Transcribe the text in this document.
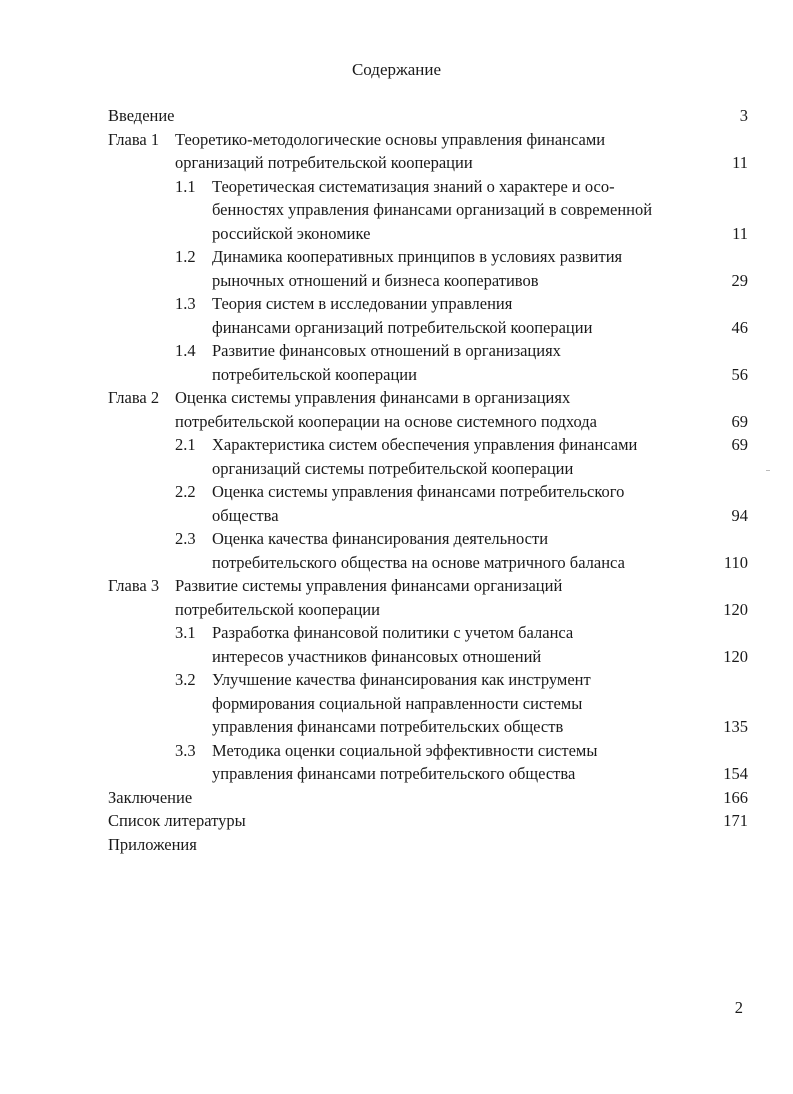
Содержание
Введение	3
Глава 1 Теоретико-методологические основы управления финансами
организаций потребительской кооперации	11
1.1 Теоретическая систематизация знаний о характере и осо-
бенностях управления финансами организаций в современной
российской экономике	11
1.2 Динамика кооперативных принципов в условиях развития
рыночных отношений и бизнеса кооперативов	29
1.3 Теория систем в исследовании управления
финансами организаций потребительской кооперации	46
1.4 Развитие финансовых отношений в организациях
потребительской кооперации	56
Глава 2 Оценка системы управления финансами в организациях
потребительской кооперации на основе системного подхода	69
2.1 Характеристика систем обеспечения управления финансами	69
организаций системы потребительской кооперации
2.2 Оценка системы управления финансами потребительского
общества	94
2.3 Оценка качества финансирования деятельности
потребительского общества на основе матричного баланса	110
Глава 3 Развитие системы управления финансами организаций
потребительской кооперации	120
3.1 Разработка финансовой политики с учетом баланса
интересов участников финансовых отношений	120
3.2 Улучшение качества финансирования как инструмент
формирования социальной направленности системы
управления финансами потребительских обществ	135
3.3 Методика оценки социальной эффективности системы
управления финансами потребительского общества	154
Заключение	166
Список литературы	171
Приложения
2
